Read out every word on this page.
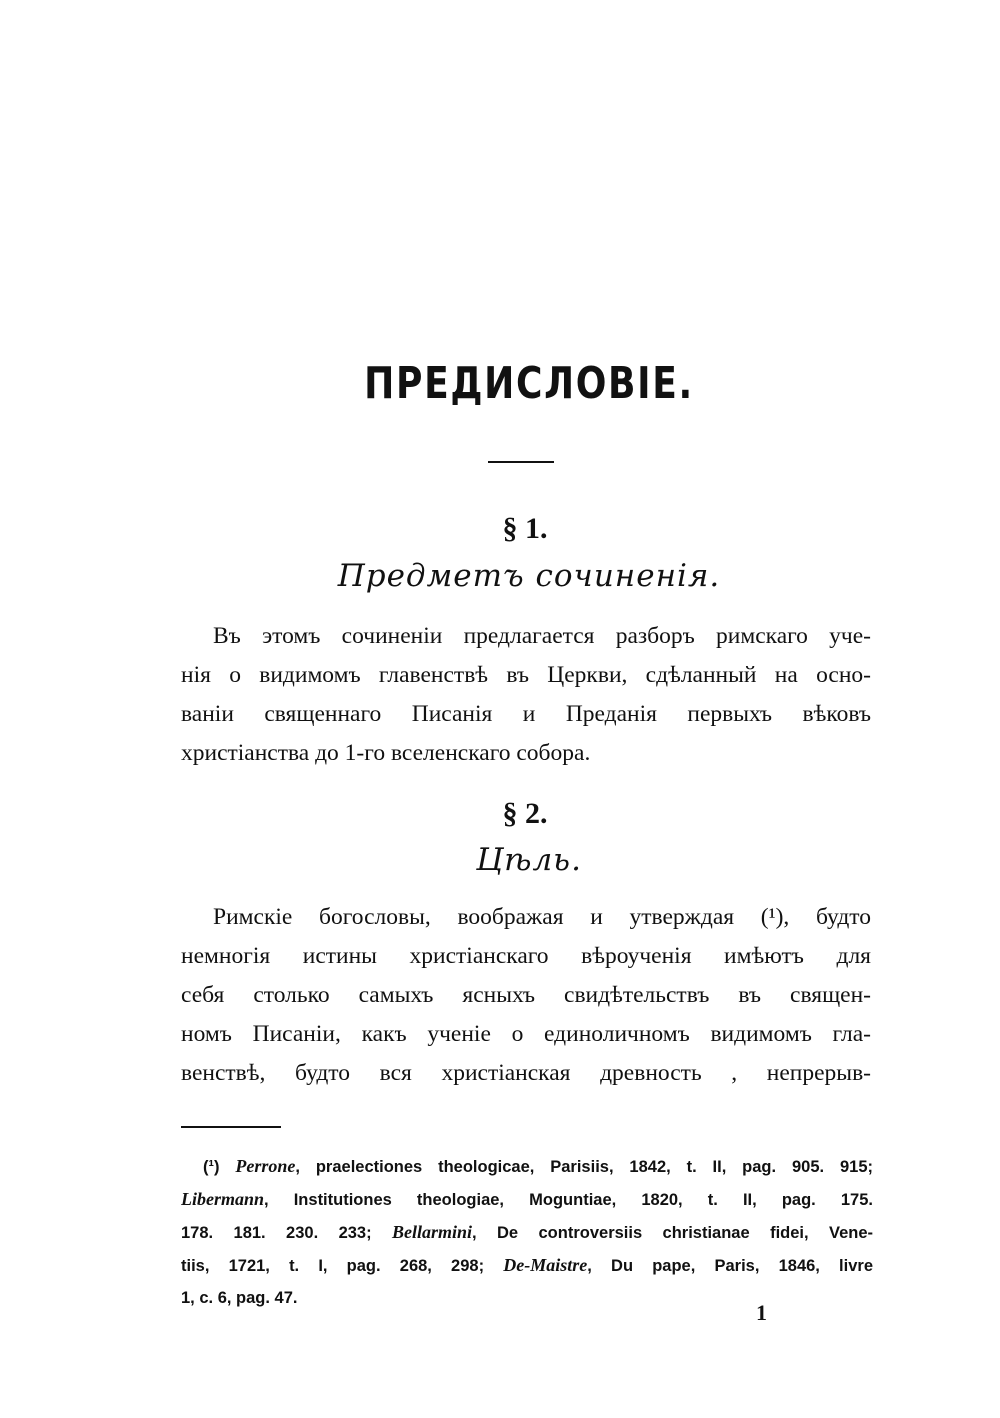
ПРЕДИСЛОВІЕ.
§ 1.
Предметъ сочиненія.
Въ этомъ сочиненіи предлагается разборъ римскаго уче-
нія о видимомъ главенствѣ въ Церкви, сдѣланный на осно-
ваніи священнаго Писанія и Преданія первыхъ вѣковъ
христіанства до 1-го вселенскаго собора.
§ 2.
Цѣль.
Римскіе богословы, воображая и утверждая (¹), будто
немногія истины христіанскаго вѣроученія имѣютъ для
себя столько самыхъ ясныхъ свидѣтельствъ въ священ-
номъ Писаніи, какъ ученіе о единоличномъ видимомъ гла-
венствѣ, будто вся христіанская древность , непрерыв-
(¹) Perrone, praelectiones theologicae, Parisiis, 1842, t. II, pag. 905. 915;
Libermann, Institutiones theologiae, Moguntiae, 1820, t. II, pag. 175.
178. 181. 230. 233; Bellarmini, De controversiis christianae fidei, Vene-
tiis, 1721, t. I, pag. 268, 298; De-Maistre, Du pape, Paris, 1846, livre
1, c. 6, pag. 47.
1
